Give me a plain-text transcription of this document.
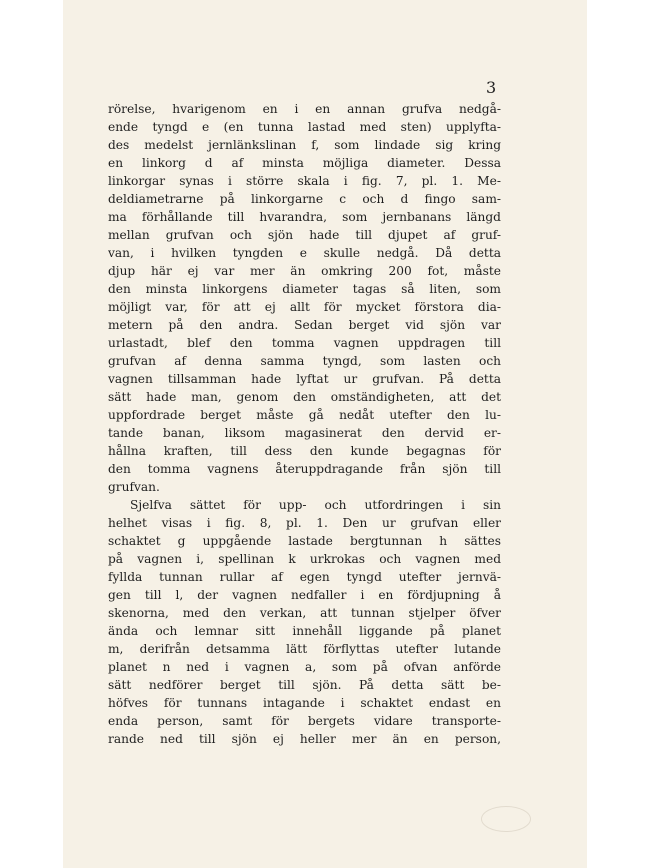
3
rörelse, hvarigenom en i en annan grufva nedgå-
ende tyngd e (en tunna lastad med sten) upplyfta-
des medelst jernlänkslinan f, som lindade sig kring
en linkorg d af minsta möjliga diameter. Dessa
linkorgar synas i större skala i fig. 7, pl. 1. Me-
deldiametrarne på linkorgarne c och d fingo sam-
ma förhållande till hvarandra, som jernbanans längd
mellan grufvan och sjön hade till djupet af gruf-
van, i hvilken tyngden e skulle nedgå. Då detta
djup här ej var mer än omkring 200 fot, måste
den minsta linkorgens diameter tagas så liten, som
möjligt var, för att ej allt för mycket förstora dia-
metern på den andra. Sedan berget vid sjön var
urlastadt, blef den tomma vagnen uppdragen till
grufvan af denna samma tyngd, som lasten och
vagnen tillsamman hade lyftat ur grufvan. På detta
sätt hade man, genom den omständigheten, att det
uppfordrade berget måste gå nedåt utefter den lu-
tande banan, liksom magasinerat den dervid er-
hållna kraften, till dess den kunde begagnas för
den tomma vagnens återuppdragande från sjön till
grufvan.
Sjelfva sättet för upp- och utfordringen i sin
helhet visas i fig. 8, pl. 1. Den ur grufvan eller
schaktet g uppgående lastade bergtunnan h sättes
på vagnen i, spellinan k urkrokas och vagnen med
fyllda tunnan rullar af egen tyngd utefter jernvä-
gen till l, der vagnen nedfaller i en fördjupning å
skenorna, med den verkan, att tunnan stjelper öfver
ända och lemnar sitt innehåll liggande på planet
m, derifrån detsamma lätt förflyttas utefter lutande
planet n ned i vagnen a, som på ofvan anförde
sätt nedförer berget till sjön. På detta sätt be-
höfves för tunnans intagande i schaktet endast en
enda person, samt för bergets vidare transporte-
rande ned till sjön ej heller mer än en person,
